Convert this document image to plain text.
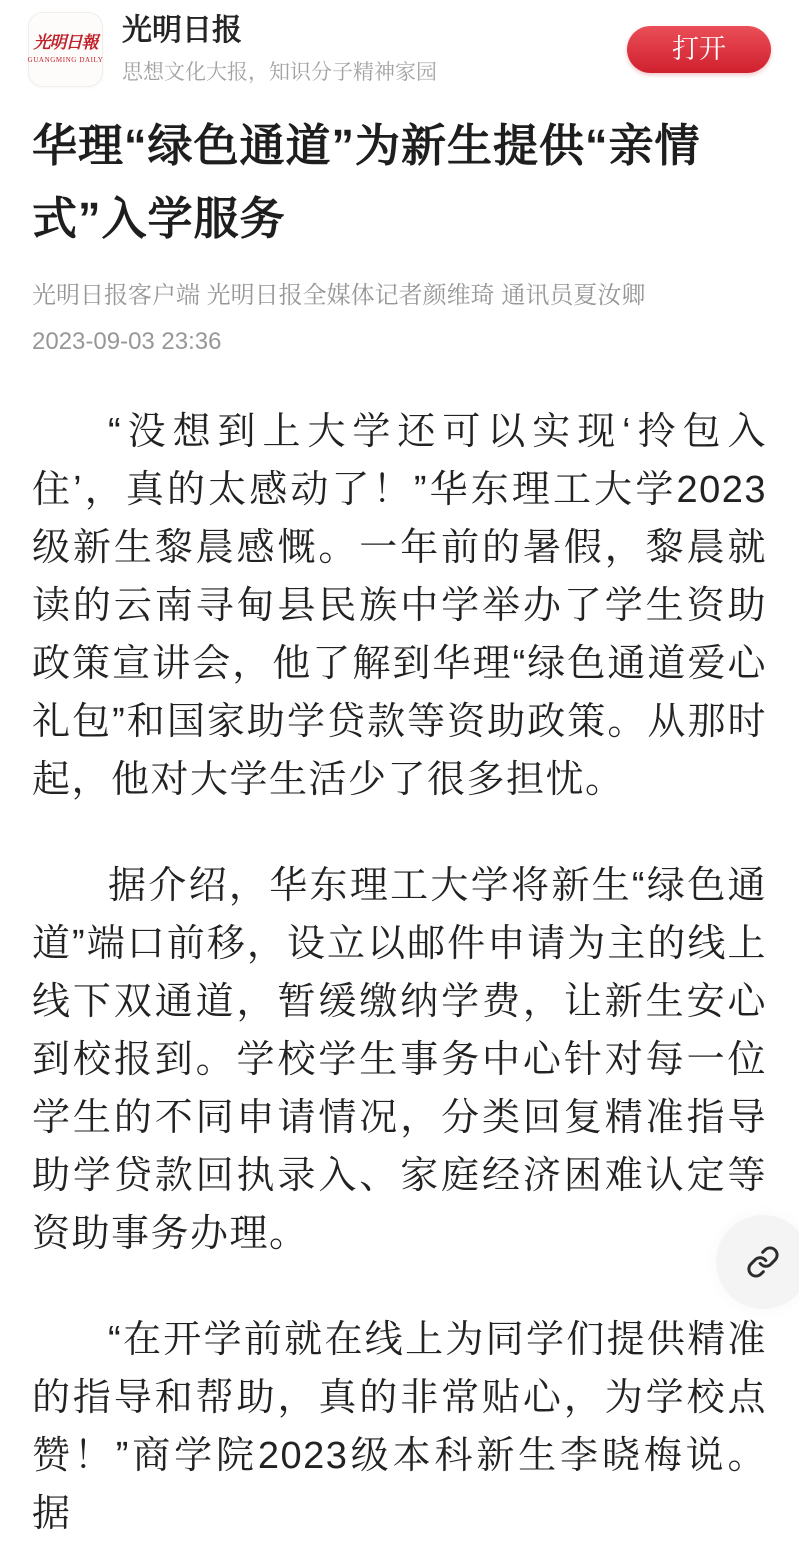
光明日報
GUANGMING DAILY
光明日报
思想文化大报，知识分子精神家园
打开
华理“绿色通道”为新生提供“亲情式”入学服务
光明日报客户端 光明日报全媒体记者颜维琦 通讯员夏汝卿
2023-09-03 23:36

“没想到上大学还可以实现‘拎包入住’，真的太感动了！”华东理工大学2023级新生黎晨感慨。一年前的暑假，黎晨就读的云南寻甸县民族中学举办了学生资助政策宣讲会，他了解到华理“绿色通道爱心礼包”和国家助学贷款等资助政策。从那时起，他对大学生活少了很多担忧。

据介绍，华东理工大学将新生“绿色通道”端口前移，设立以邮件申请为主的线上线下双通道，暂缓缴纳学费，让新生安心到校报到。学校学生事务中心针对每一位学生的不同申请情况，分类回复精准指导助学贷款回执录入、家庭经济困难认定等资助事务办理。

“在开学前就在线上为同学们提供精准的指导和帮助，真的非常贴心，为学校点赞！”商学院2023级本科新生李晓梅说。据
